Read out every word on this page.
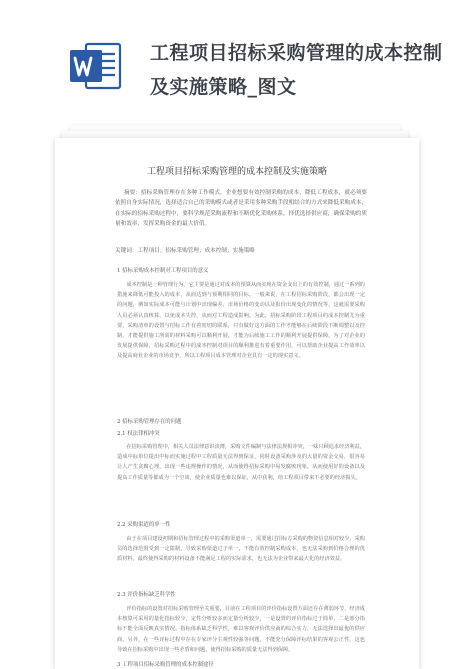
工程项目招标采购管理的成本控制及实施策略_图文
工程项目招标采购管理的成本控制及实施策略

摘要：招标采购管理存在多种工作模式，企业想要有效控制采购的成本，降低工程成本，就必须要依照自身实际情况，选择适合自己的采购模式或者是采用多种采购手段相结合的方式来降低采购成本，在实际的招标采购过程中，要科学规范采购流程和不断优化采购体系，择优选择供应商，确保采购的质量和效率，发挥采购资金的最大价值。

关键词：工程项目；招标采购管理；成本控制；实施策略

1 招标采购成本控制对工程项目的意义

成本控制是一种管理行为，它主要是通过对成本的预算从而实现在资金支出上的有效控制，通过一系列的措施来降低可能投入的成本，从而达到与预期相同的目标。一般来说，在工程招标采购阶段，都会出现一定的问题，例如实际成本可能与计划中出现偏差，市场价格的变动以及报价出现变化的情况等，这就需要采购人员必须认真核算，以免成本失控，从而对工程造成影响。为此，招标采购阶段工程项目的成本控制尤为重要，采购清单的设置与招标工作有着密切的联系，只有做好这方面的工作才能够在后续阶段不断调整以及控制，才能提供施工所需的材料采购可以顺利开展，才能为后续施工工作的顺利开展提供保障，为了对企业的发展提供保障，招标采购过程中的成本控制对项目的顺利推进有着重要作用，可以帮助企业提高工作效率以及提高商业企业的市场竞争，所以工程项目成本管理对企业具有一定的现实意义。

2 招标采购管理存在的问题

2.1 权法律相冲突

在招标采购管理中，相关人员法律意识淡薄，采购文件编制与法律法规相冲突，一味只顾追求经济利益，造成中标单位提出中标而实施过程中工程质量无法得到保证，同时设备采购涉及的大量的资金交易，很容易让人产生贪腐心理，出现一些违规操作的情况，从而使得招标采购中易发腐败现象，从而使用好的设备以及提高工作质量等都成为一个空谈，使企业质量也难以保证，从中获利，给工程项目带来不必要的经济损失。

2.2 采购渠道的单一性

由于在项目建设初期和招标管理过程中的采购渠道单一，需要通过招标方采购的物资信息相对较少，采购员的选择范围受到一定限制，导致采购渠道过于单一，不能有效控制采购成本，也无法采购到价格合理的优质材料，最终使得采购的材料设备不能满足工程的实际需求，也无法为企业带来最大化的经济效益。

2.3 评价指标缺乏科学性

评价指标的设置对招标采购管理至关重要，目前在工程项目的评价指标设置方面还存在薄弱环节，经济成本核算可采用的量化指标较少，定性分析较多而定量分析较少，一是设置的评价指标过于简单，二是部分指标不能全面反映真实情况。指标体系缺乏科学性，难以客观评价供应商的综合实力，无法选择出最优的供应商，另外，在一些评标过程中存在专家评分主观性较强等问题，不能充分保障评标结果的客观公正性，这也导致在招标采购中出现一些矛盾和问题，使得招标采购的质量无法得到保障。

3 工程项目招标采购管理的成本控制途径
